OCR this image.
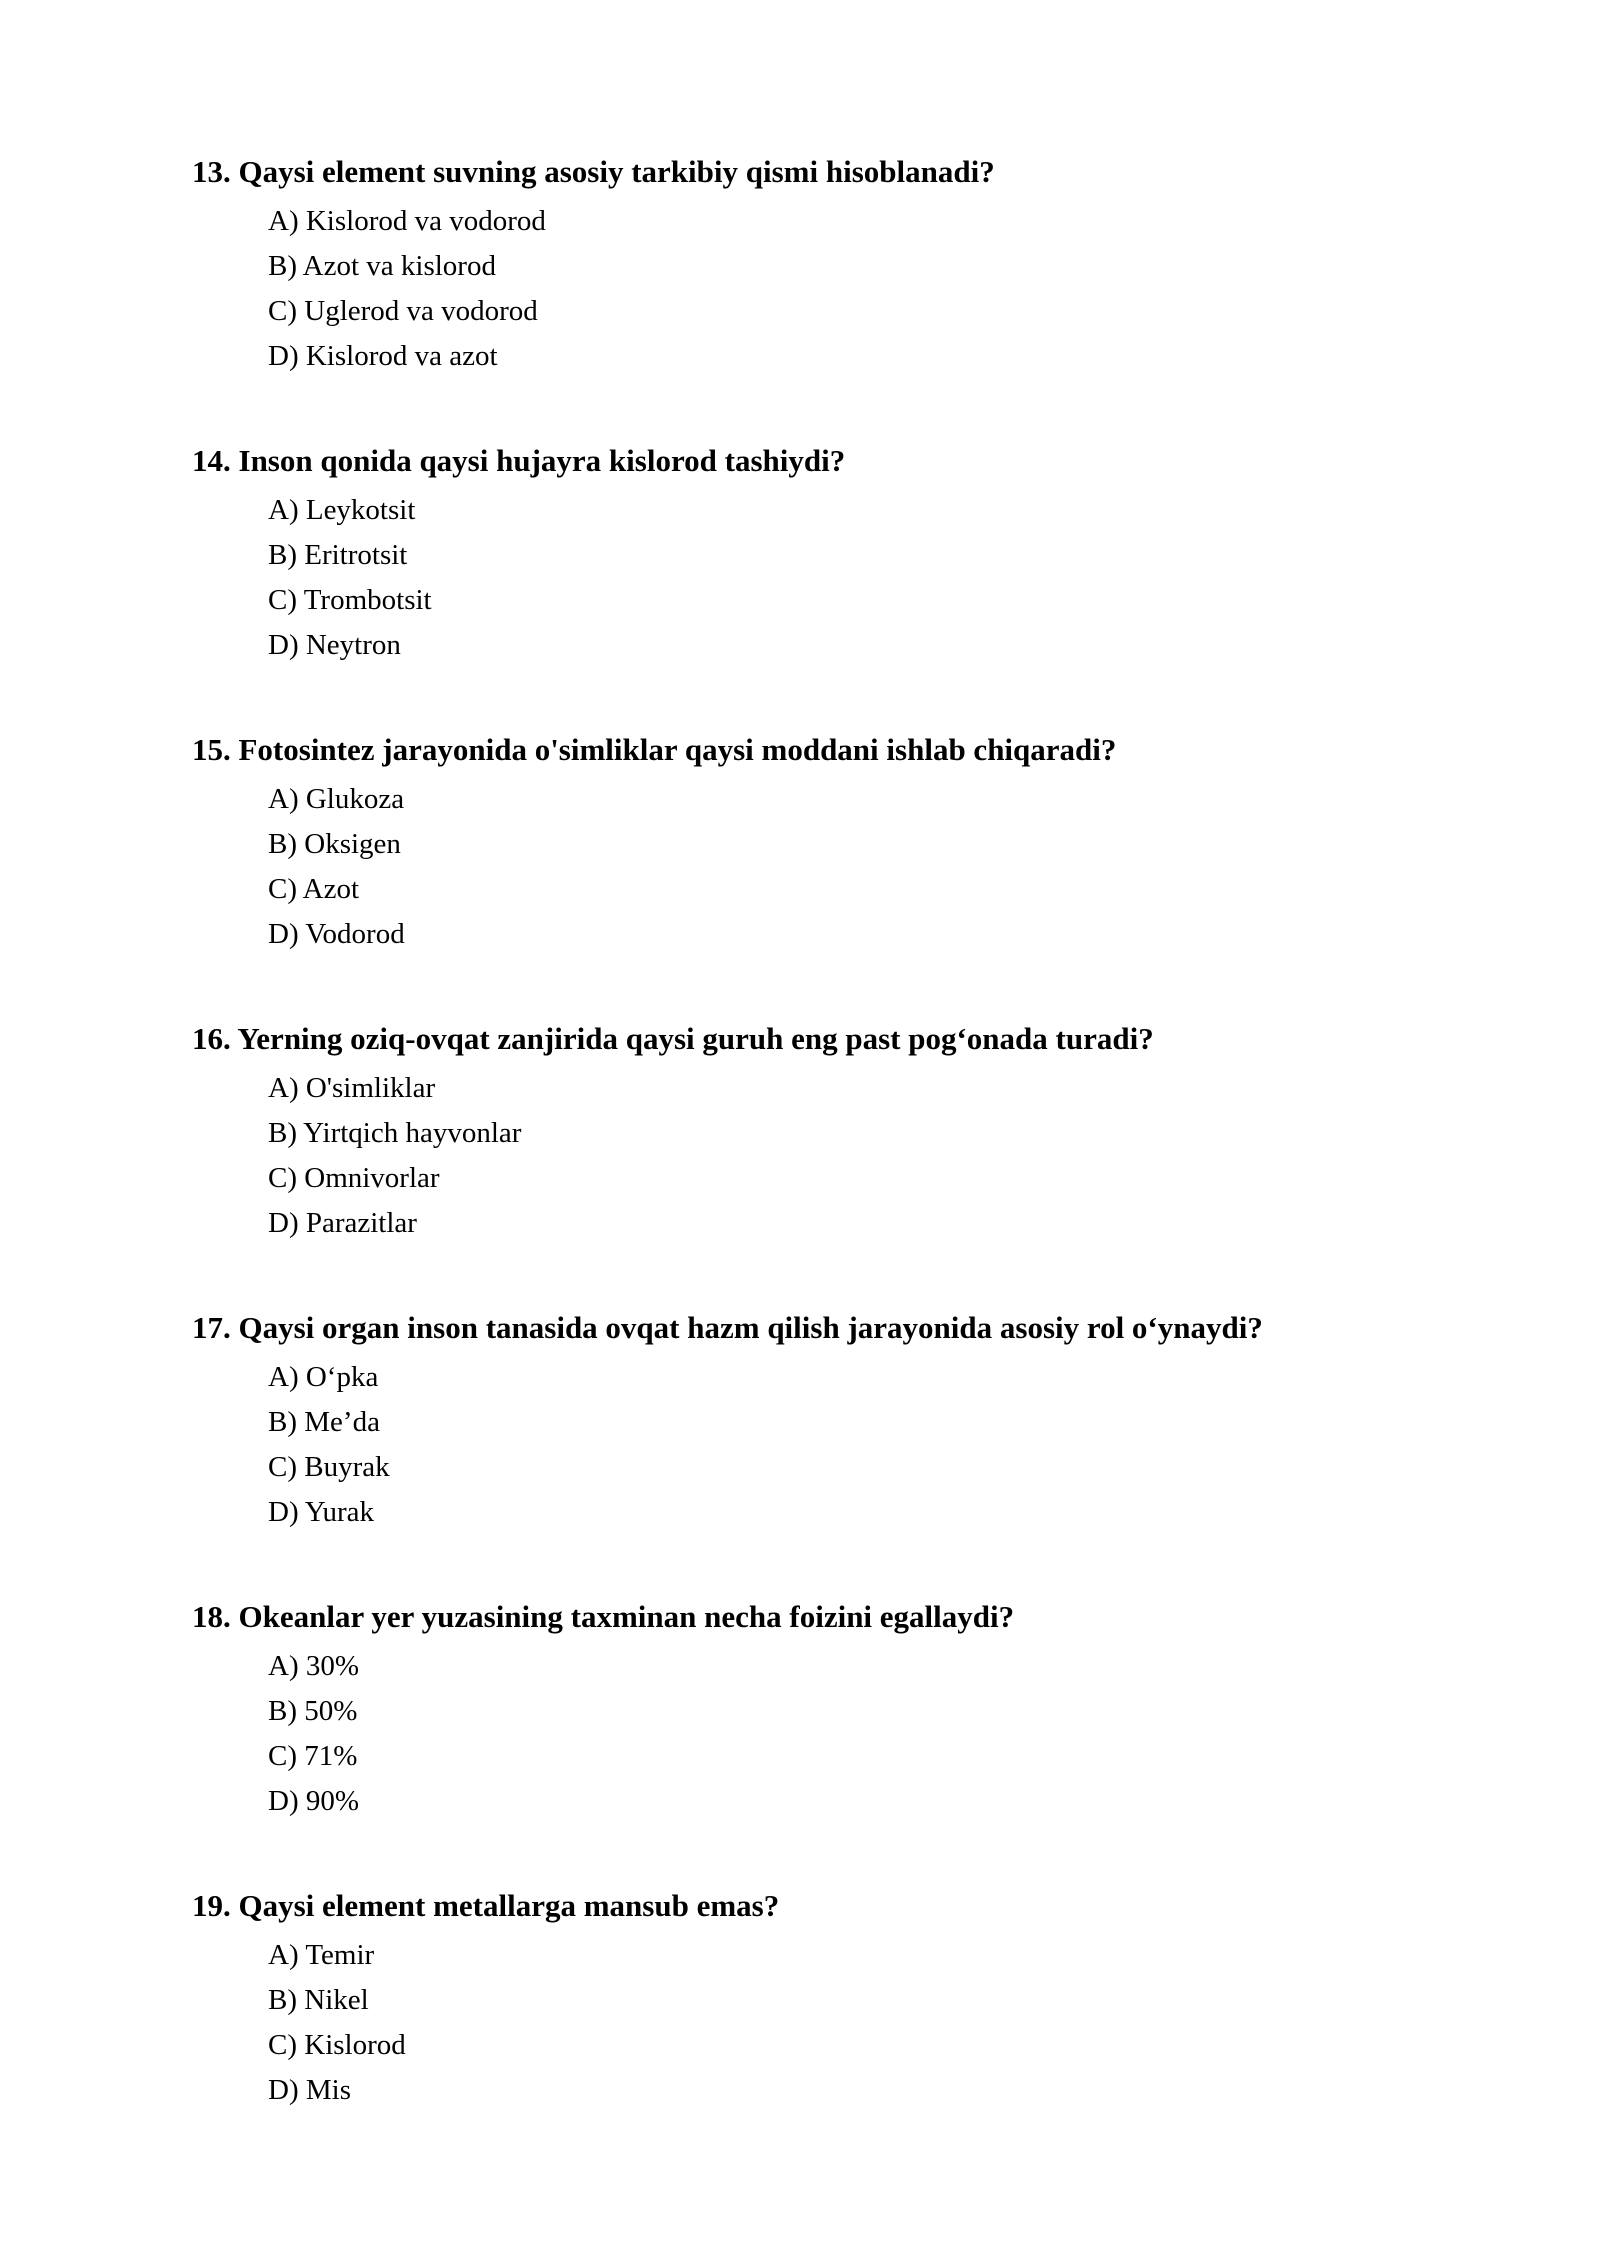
13. Qaysi element suvning asosiy tarkibiy qismi hisoblanadi?

A) Kislorod va vodorod
B) Azot va kislorod
C) Uglerod va vodorod
D) Kislorod va azot

14. Inson qonida qaysi hujayra kislorod tashiydi?

A) Leykotsit
B) Eritrotsit
C) Trombotsit
D) Neytron

15. Fotosintez jarayonida o'simliklar qaysi moddani ishlab chiqaradi?

A) Glukoza
B) Oksigen
C) Azot
D) Vodorod

16. Yerning oziq-ovqat zanjirida qaysi guruh eng past pog‘onada turadi?

A) O'simliklar
B) Yirtqich hayvonlar
C) Omnivorlar
D) Parazitlar

17. Qaysi organ inson tanasida ovqat hazm qilish jarayonida asosiy rol o‘ynaydi?

A) O‘pka
B) Me’da
C) Buyrak
D) Yurak

18. Okeanlar yer yuzasining taxminan necha foizini egallaydi?

A) 30%
B) 50%
C) 71%
D) 90%

19. Qaysi element metallarga mansub emas?

A) Temir
B) Nikel
C) Kislorod
D) Mis
